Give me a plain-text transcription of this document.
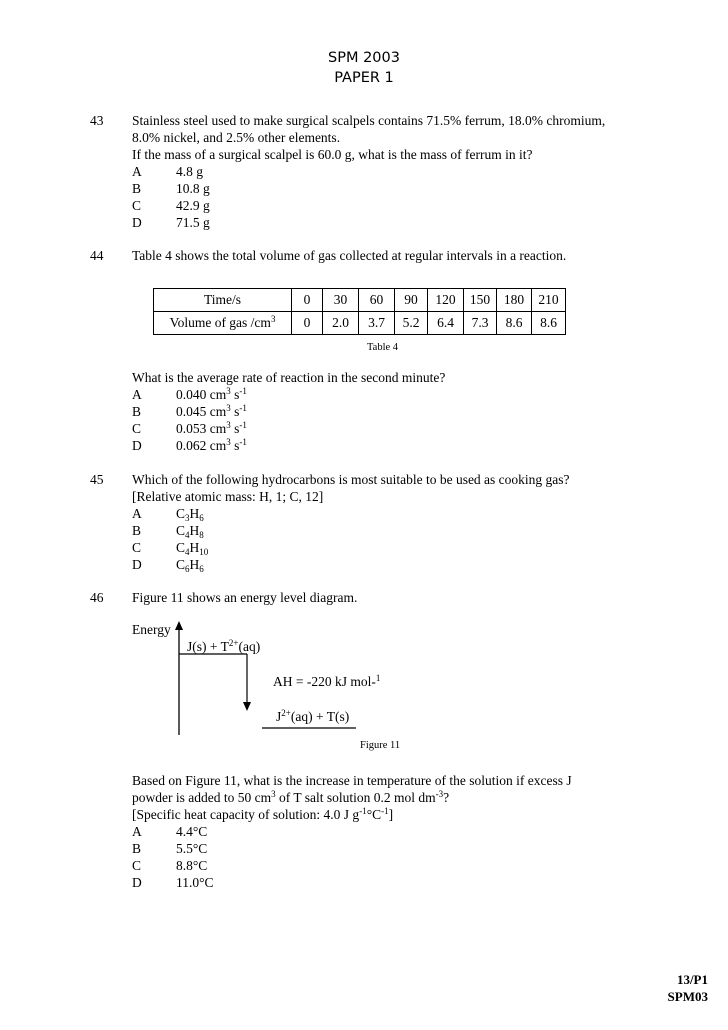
SPM 2003
PAPER 1
43 Stainless steel used to make surgical scalpels contains 71.5% ferrum, 18.0% chromium,
8.0% nickel, and 2.5% other elements.
If the mass of a surgical scalpel is 60.0 g, what is the mass of ferrum in it?
A	4.8 g
B	10.8 g
C	42.9 g
D	71.5 g
44 Table 4 shows the total volume of gas collected at regular intervals in a reaction.
Time/s	0	30	60	90	120	150	180	210
Volume of gas $/cm^3$	0	2.0	3.7	5.2	6.4	7.3	8.6	8.6
Table 4
What is the average rate of reaction in the second minute?
A	0.040 $cm^3$ $s^{-1}$
B	0.045 $cm^3$ $s^{-1}$
C	0.053 $cm^3$ $s^{-1}$
D	0.062 $cm^3$ $s^{-1}$
45 Which of the following hydrocarbons is most suitable to be used as cooking gas?
[Relative atomic mass: H, 1; C, 12]
A	$C_3H_6$
B	$C_4H_8$
C	$C_4H_{10}$
D	$C_6H_6$
46 Figure 11 shows an energy level diagram.
Energy
$J(s) + T^{2+}(aq)$
AH = -220 kJ mol-$^1$
$J^{2+}(aq) + T(s)$
Figure 11
Based on Figure 11, what is the increase in temperature of the solution if excess J
powder is added to 50 $cm^3$ of T salt solution 0.2 mol $dm^{-3}$?
[Specific heat capacity of solution: 4.0 J $g^{-1}^\circ C^{-1}$]
A	4.4°C
B	5.5°C
C	8.8°C
D	11.0°C
13/P1
SPM03
